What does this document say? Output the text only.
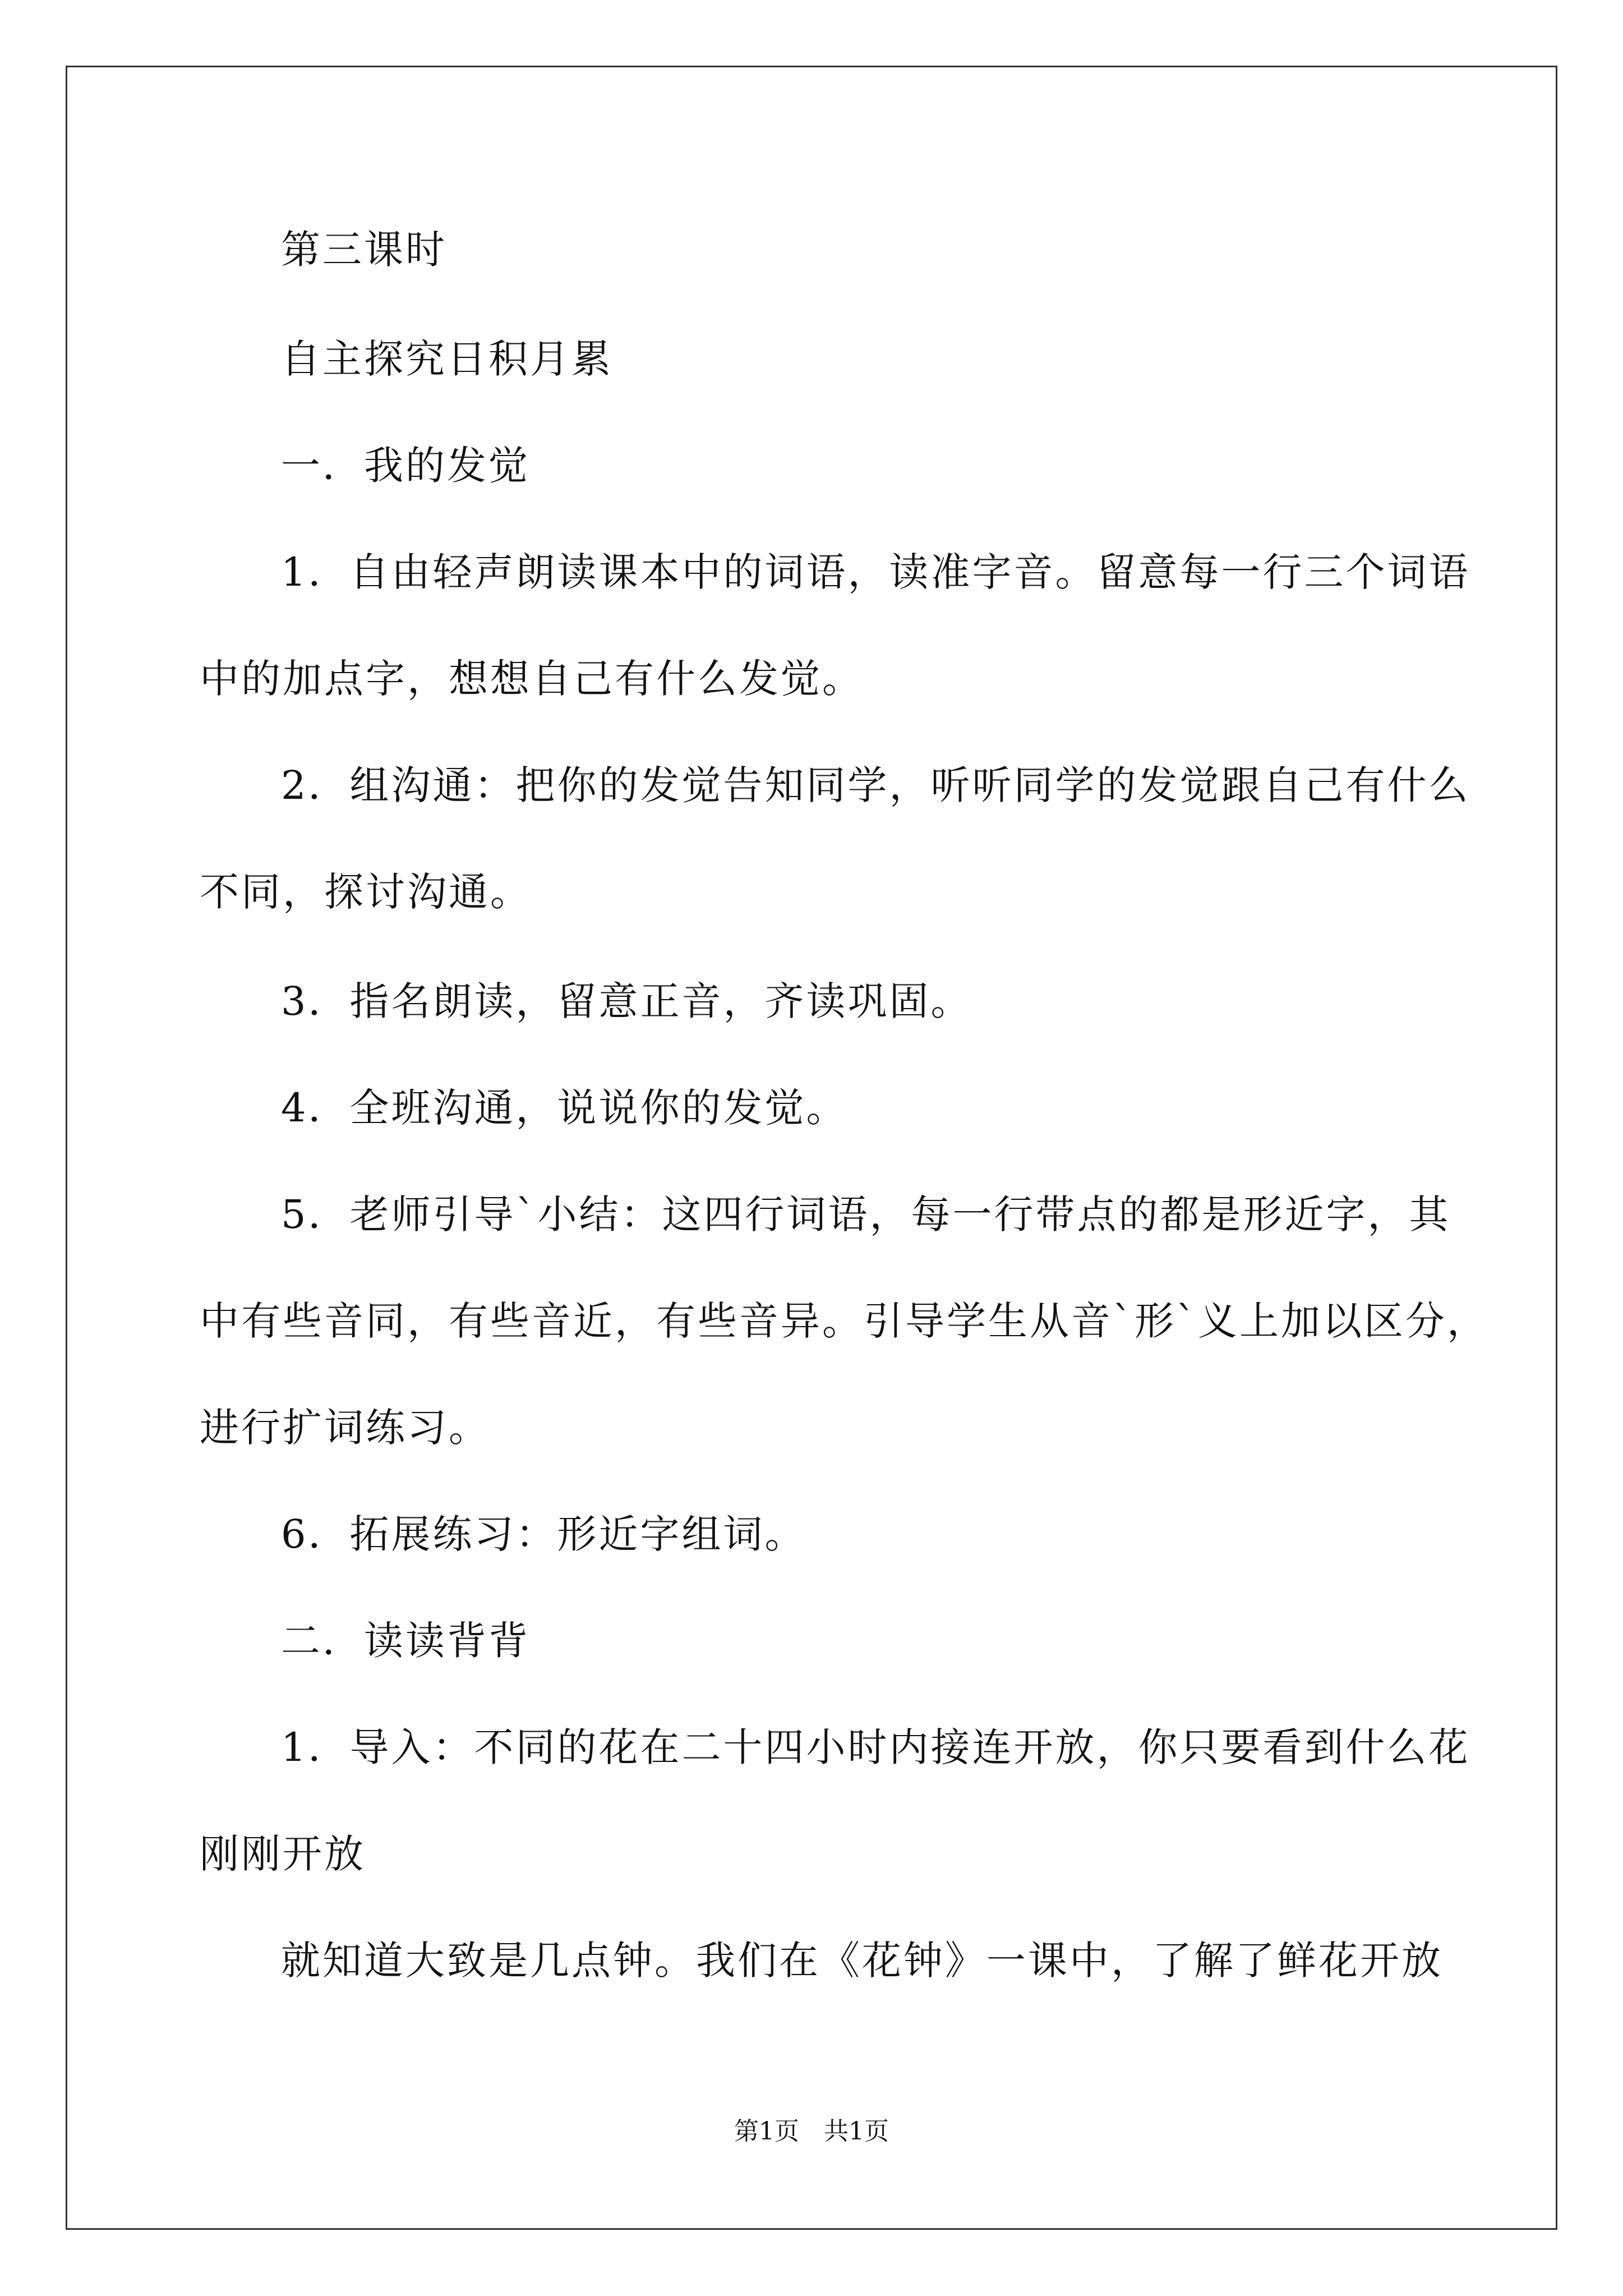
第三课时
自主探究日积月累
一．我的发觉
1．自由轻声朗读课本中的词语，读准字音。留意每一行三个词语
中的加点字，想想自己有什么发觉。
2．组沟通：把你的发觉告知同学，听听同学的发觉跟自己有什么
不同，探讨沟通。
3．指名朗读，留意正音，齐读巩固。
4．全班沟通，说说你的发觉。
5．老师引导`小结：这四行词语，每一行带点的都是形近字，其
中有些音同，有些音近，有些音异。引导学生从音`形`义上加以区分，
进行扩词练习。
6．拓展练习：形近字组词。
二．读读背背
1．导入：不同的花在二十四小时内接连开放，你只要看到什么花
刚刚开放
就知道大致是几点钟。我们在《花钟》一课中，了解了鲜花开放
第1页　共1页
